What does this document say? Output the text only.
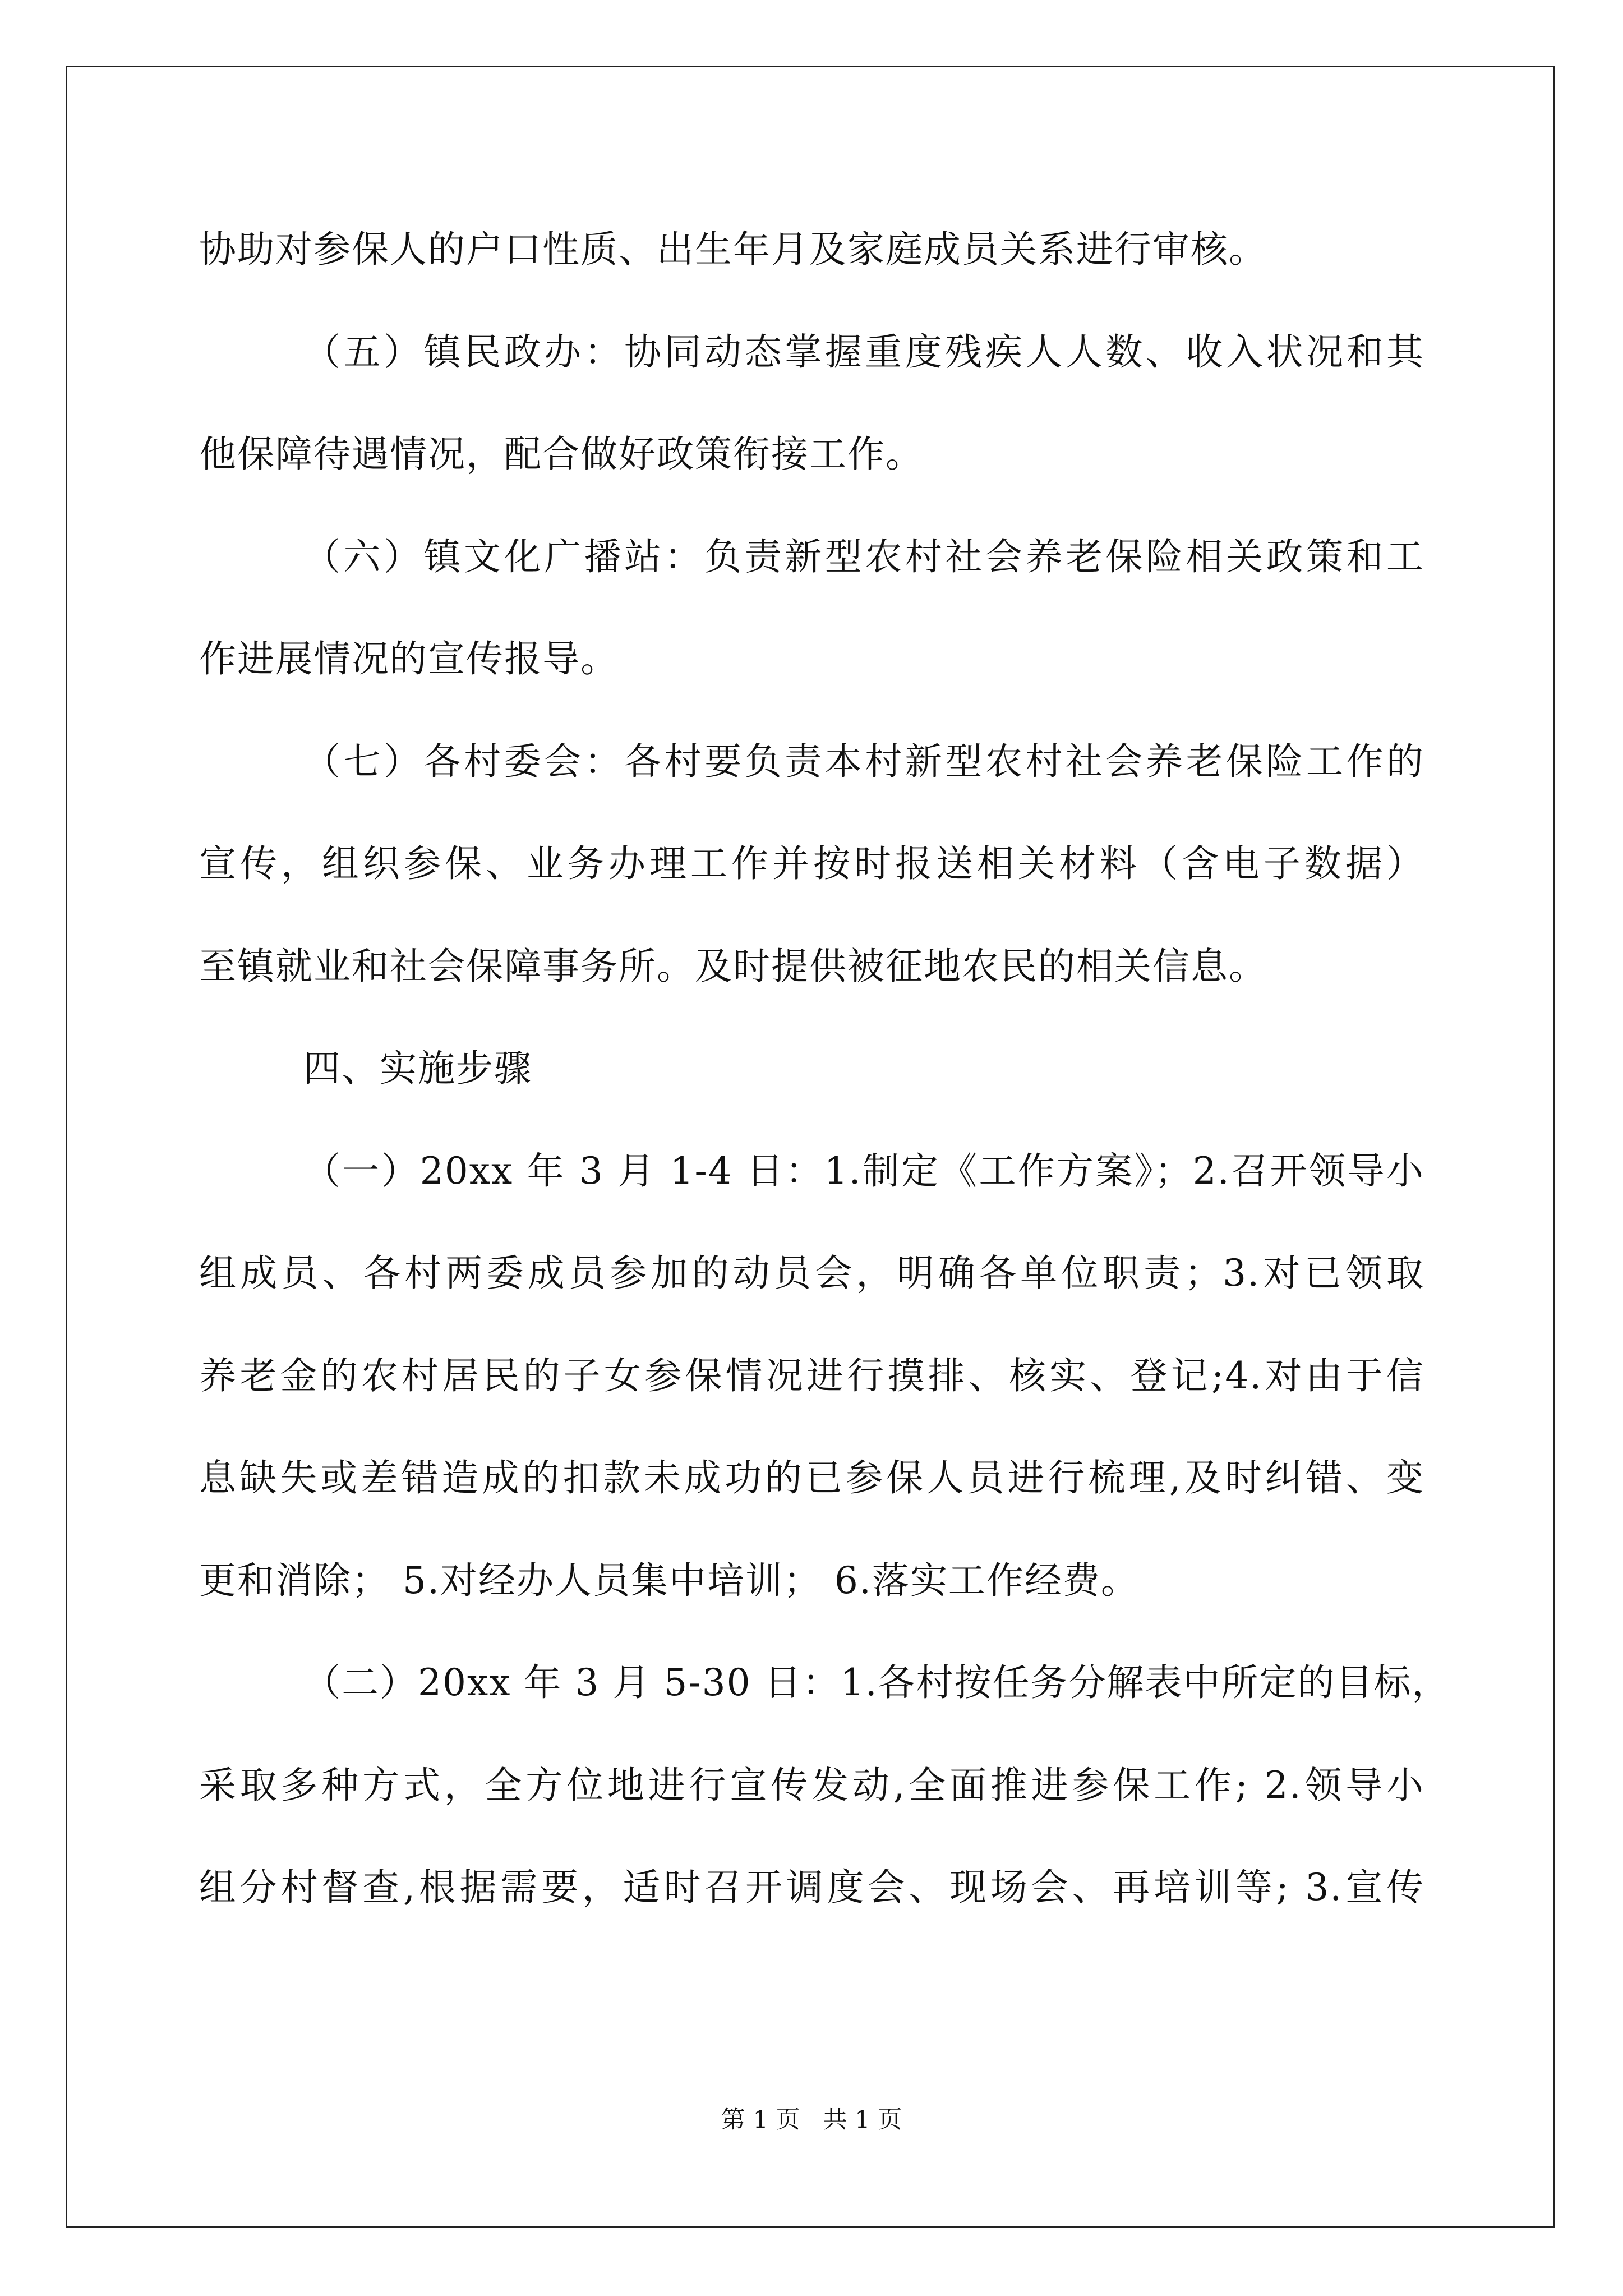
协助对参保人的户口性质、出生年月及家庭成员关系进行审核。
（五）镇民政办：协同动态掌握重度残疾人人数、收入状况和其
他保障待遇情况，配合做好政策衔接工作。
（六）镇文化广播站：负责新型农村社会养老保险相关政策和工
作进展情况的宣传报导。
（七）各村委会：各村要负责本村新型农村社会养老保险工作的
宣传，组织参保、业务办理工作并按时报送相关材料（含电子数据）
至镇就业和社会保障事务所。及时提供被征地农民的相关信息。
四、实施步骤
（一）20xx 年 3 月 1-4 日：1.制定《工作方案》；2.召开领导小
组成员、各村两委成员参加的动员会，明确各单位职责；3.对已领取
养老金的农村居民的子女参保情况进行摸排、核实、登记;4.对由于信
息缺失或差错造成的扣款未成功的已参保人员进行梳理,及时纠错、变
更和消除； 5.对经办人员集中培训； 6.落实工作经费。
（二）20xx 年 3 月 5-30 日：1.各村按任务分解表中所定的目标，
采取多种方式，全方位地进行宣传发动,全面推进参保工作; 2.领导小
组分村督查,根据需要，适时召开调度会、现场会、再培训等; 3.宣传
第 1 页   共 1 页
